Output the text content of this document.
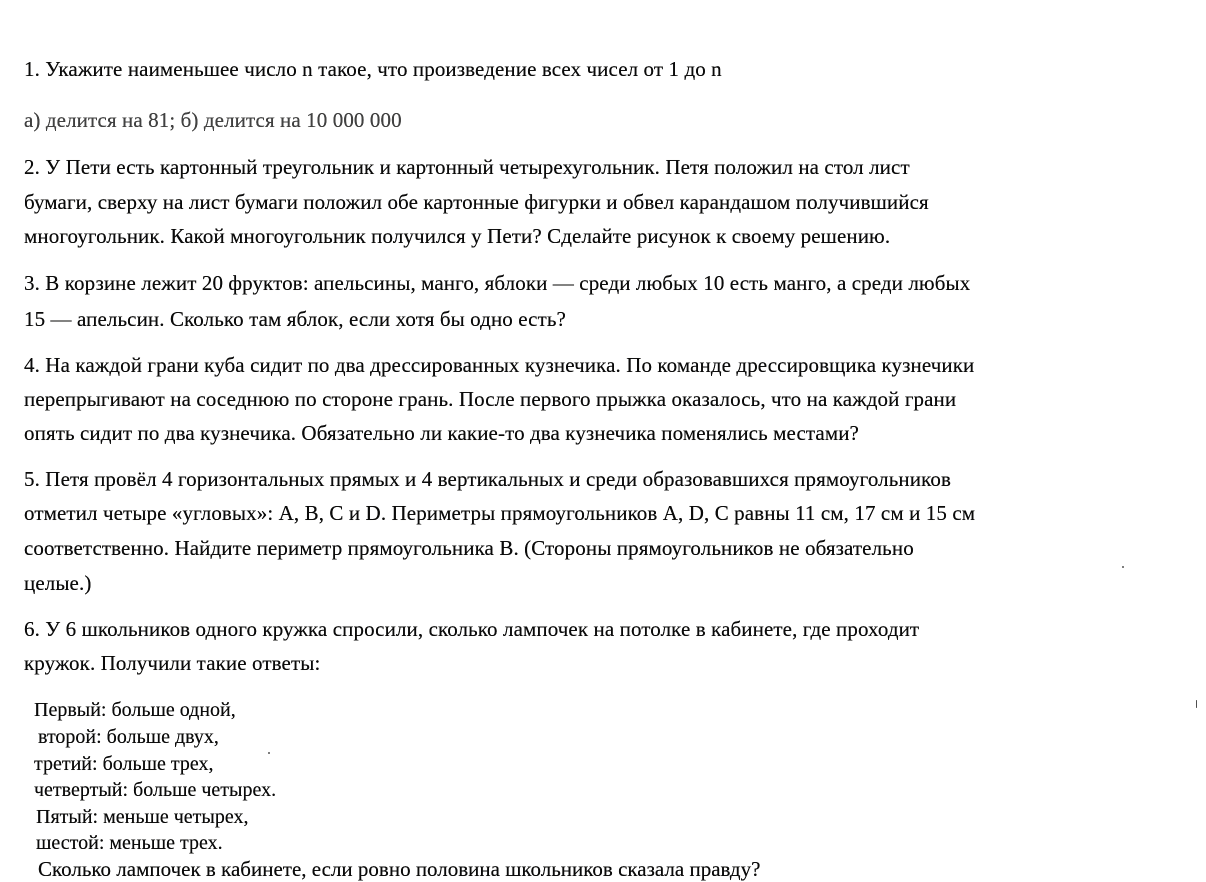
1. Укажите наименьшее число n такое, что произведение всех чисел от 1 до n
а) делится на 81; б) делится на 10 000 000
2. У Пети есть картонный треугольник и картонный четырехугольник. Петя положил на стол лист
бумаги, сверху на лист бумаги положил обе картонные фигурки и обвел карандашом получившийся
многоугольник. Какой многоугольник получился у Пети? Сделайте рисунок к своему решению.
3. В корзине лежит 20 фруктов: апельсины, манго, яблоки — среди любых 10 есть манго, а среди любых
15 — апельсин. Сколько там яблок, если хотя бы одно есть?
4. На каждой грани куба сидит по два дрессированных кузнечика. По команде дрессировщика кузнечики
перепрыгивают на соседнюю по стороне грань. После первого прыжка оказалось, что на каждой грани
опять сидит по два кузнечика. Обязательно ли какие-то два кузнечика поменялись местами?
5. Петя провёл 4 горизонтальных прямых и 4 вертикальных и среди образовавшихся прямоугольников
отметил четыре «угловых»: A, B, C и D. Периметры прямоугольников A, D, C равны 11 см, 17 см и 15 см
соответственно. Найдите периметр прямоугольника B. (Стороны прямоугольников не обязательно
целые.)
6. У 6 школьников одного кружка спросили, сколько лампочек на потолке в кабинете, где проходит
кружок. Получили такие ответы:
Первый: больше одной,
второй: больше двух,
третий: больше трех,
четвертый: больше четырех.
Пятый: меньше четырех,
шестой: меньше трех.
Сколько лампочек в кабинете, если ровно половина школьников сказала правду?
